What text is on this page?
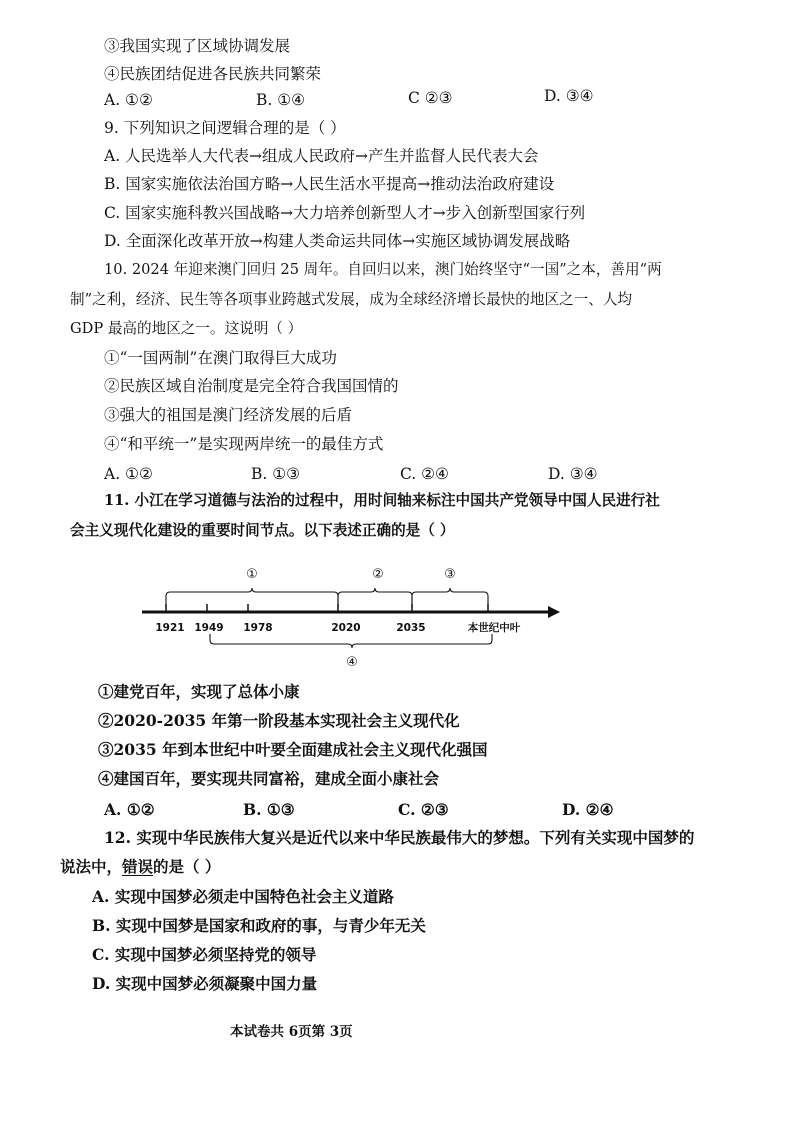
③我国实现了区域协调发展
④民族团结促进各民族共同繁荣
A. ①②	B. ①④	C ②③	D. ③④
9. 下列知识之间逻辑合理的是（ ）
A. 人民选举人大代表→组成人民政府→产生并监督人民代表大会
B. 国家实施依法治国方略→人民生活水平提高→推动法治政府建设
C. 国家实施科教兴国战略→大力培养创新型人才→步入创新型国家行列
D. 全面深化改革开放→构建人类命运共同体→实施区域协调发展战略
10. 2024 年迎来澳门回归 25 周年。自回归以来，澳门始终坚守“一国”之本，善用“两
制”之利，经济、民生等各项事业跨越式发展，成为全球经济增长最快的地区之一、人均
GDP 最高的地区之一。这说明（ ）
①“一国两制”在澳门取得巨大成功
②民族区域自治制度是完全符合我国国情的
③强大的祖国是澳门经济发展的后盾
④“和平统一”是实现两岸统一的最佳方式
A. ①②	B. ①③	C. ②④	D. ③④
11. 小江在学习道德与法治的过程中，用时间轴来标注中国共产党领导中国人民进行社
会主义现代化建设的重要时间节点。以下表述正确的是（ ）
①	②	③
1921 1949 1978	2020	2035	本世纪中叶
④
①建党百年，实现了总体小康
②2020-2035 年第一阶段基本实现社会主义现代化
③2035 年到本世纪中叶要全面建成社会主义现代化强国
④建国百年，要实现共同富裕，建成全面小康社会
A. ①②	B. ①③	C. ②③	D. ②④
12. 实现中华民族伟大复兴是近代以来中华民族最伟大的梦想。下列有关实现中国梦的
说法中，错误的是（ ）
A. 实现中国梦必须走中国特色社会主义道路
B. 实现中国梦是国家和政府的事，与青少年无关
C. 实现中国梦必须坚持党的领导
D. 实现中国梦必须凝聚中国力量
本试卷共 6页第 3页
